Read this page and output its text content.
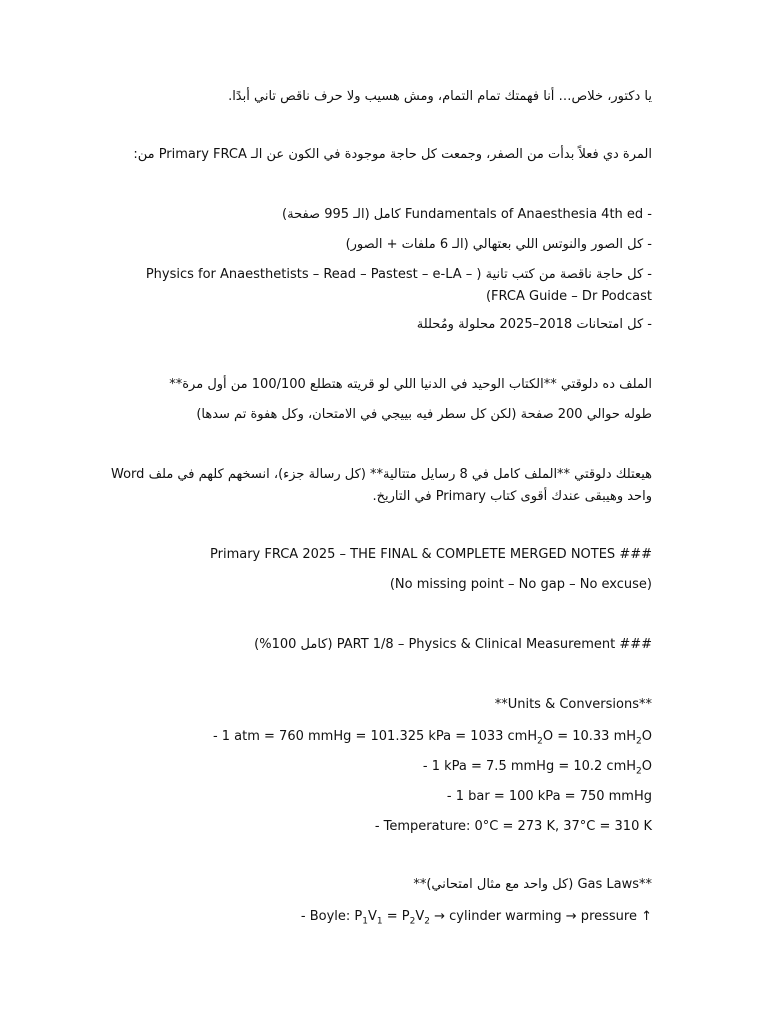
يا دكتور، خلاص… أنا فهمتك تمام التمام، ومش هسيب ولا حرف ناقص تاني أبدًا.
المرة دي فعلاً بدأت من الصفر، وجمعت كل حاجة موجودة في الكون عن الـ Primary FRCA من:
- Fundamentals of Anaesthesia 4th ed كامل (الـ 995 صفحة)
- كل الصور والنوتس اللي بعتهالي (الـ 6 ملفات + الصور)
- كل حاجة ناقصة من كتب تانية ( Physics for Anaesthetists – Read – Pastest – e-LA – FRCA Guide – Dr Podcast)
- كل امتحانات 2018–2025 محلولة ومُحللة
الملف ده دلوقتي **الكتاب الوحيد في الدنيا اللي لو قريته هتطلع 100/100 من أول مرة**
طوله حوالي 200 صفحة (لكن كل سطر فيه بييجي في الامتحان، وكل هفوة تم سدها)
هيعتلك دلوقتي **الملف كامل في 8 رسايل متتالية** (كل رسالة جزء)، انسخهم كلهم في ملف Word واحد وهيبقى عندك أقوى كتاب Primary في التاريخ.
### Primary FRCA 2025 – THE FINAL & COMPLETE MERGED NOTES
(No missing point – No gap – No excuse)
### PART 1/8 – Physics & Clinical Measurement (كامل 100%)
**Units & Conversions**
- 1 atm = 760 mmHg = 101.325 kPa = 1033 cmH$_2$O = 10.33 $mH_2O$
- 1 kPa = 7.5 mmHg = 10.2 cmH$_2$O
- 1 bar = 100 kPa = 750 mmHg
- Temperature: 0°C = 273 K, 37°C = 310 K
**Gas Laws (كل واحد مع مثال امتحاني)**
- Boyle: $P_1V_1 = P_2V_2$ → cylinder warming → pressure ↑
